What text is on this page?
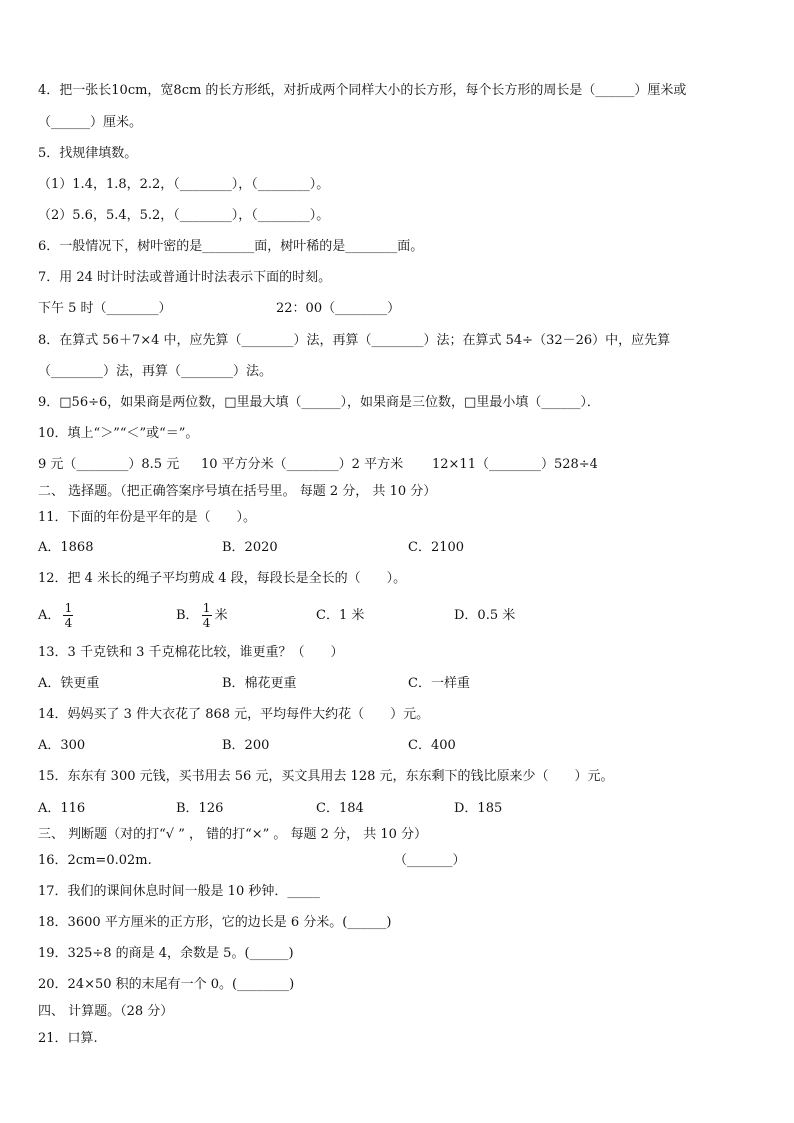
4．把一张长10cm，宽8cm 的长方形纸，对折成两个同样大小的长方形，每个长方形的周长是（______）厘米或
（______）厘米。
5．找规律填数。
（1）1.4，1.8，2.2，（________），（________）。
（2）5.6，5.4，5.2，（________），（________）。
6．一般情况下，树叶密的是________面，树叶稀的是________面。
7．用 24 时计时法或普通计时法表示下面的时刻。
下午 5 时（________）	22：00（________）
8．在算式 56＋7×4 中，应先算（________）法，再算（________）法；在算式 54÷（32－26）中，应先算
（________）法，再算（________）法。
9．□56÷6，如果商是两位数，□里最大填（______），如果商是三位数，□里最小填（______）．
10．填上“＞”“＜”或“＝”。
9 元（________）8.5 元	10 平方分米（________）2 平方米	12×11（________）528÷4
二、 选择题。（把正确答案序号填在括号里。 每题 2 分， 共 10 分）
11．下面的年份是平年的是（　　）。
A．1868	B．2020	C．2100
12．把 4 米长的绳子平均剪成 4 段，每段长是全长的（　　）。
A． $\frac{1}{4}$	B． $\frac{1}{4}$ 米	C．1 米	D．0.5 米
13．3 千克铁和 3 千克棉花比较，谁更重？（　　）
A．铁更重	B．棉花更重	C．一样重
14．妈妈买了 3 件大衣花了 868 元，平均每件大约花（　　）元。
A．300	B．200	C．400
15．东东有 300 元钱，买书用去 56 元，买文具用去 128 元，东东剩下的钱比原来少（　　）元。
A．116	B．126	C．184	D．185
三、 判断题（对的打“√ ” ， 错的打“×” 。 每题 2 分， 共 10 分）
16．2cm=0.02m.	（_______）
17．我们的课间休息时间一般是 10 秒钟．_____
18．3600 平方厘米的正方形，它的边长是 6 分米。(______)
19．325÷8 的商是 4，余数是 5。(______)
20．24×50 积的末尾有一个 0。(________)
四、 计算题。（28 分）
21．口算.
